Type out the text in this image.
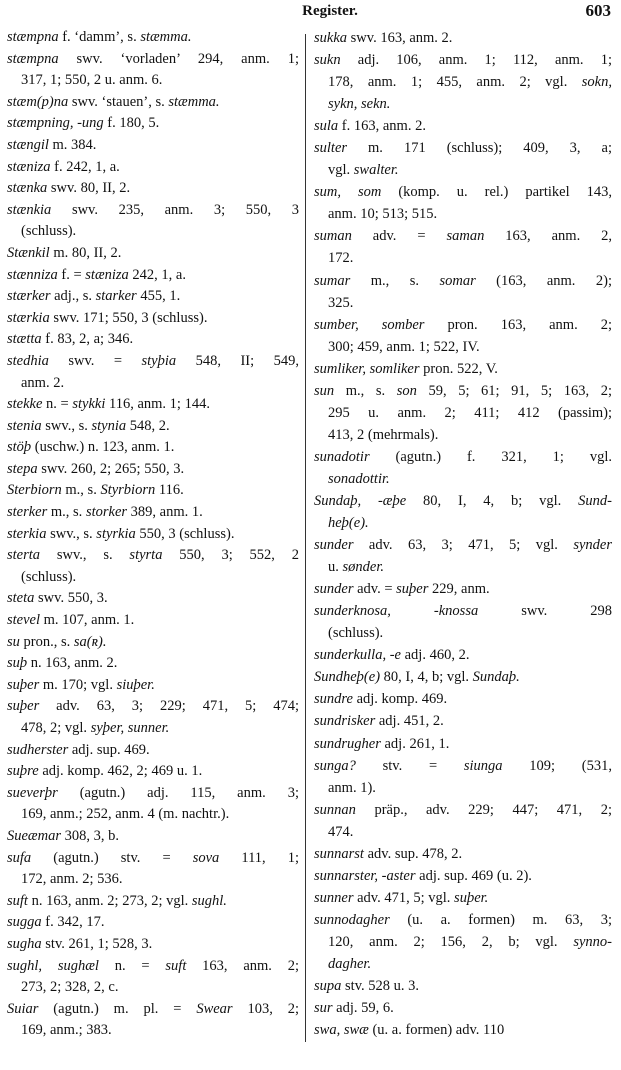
Register.	603
stæmpna f. ‘damm’, s. stæmma.
stæmpna swv. ‘vorladen’ 294, anm. 1;
317, 1; 550, 2 u. anm. 6.
stæm(p)na swv. ‘stauen’, s. stæmma.
stæmpning, -ung f. 180, 5.
stængil m. 384.
stæniza f. 242, 1, a.
stænka swv. 80, II, 2.
stænkia swv. 235, anm. 3; 550, 3
(schluss).
Stænkil m. 80, II, 2.
stænniza f. = stæniza 242, 1, a.
stærker adj., s. starker 455, 1.
stærkia swv. 171; 550, 3 (schluss).
stætta f. 83, 2, a; 346.
stedhia swv. = styþia 548, II; 549,
anm. 2.
stekke n. = stykki 116, anm. 1; 144.
stenia swv., s. stynia 548, 2.
stöþ (uschw.) n. 123, anm. 1.
stepa swv. 260, 2; 265; 550, 3.
Sterbiorn m., s. Styrbiorn 116.
sterker m., s. storker 389, anm. 1.
sterkia swv., s. styrkia 550, 3 (schluss).
sterta swv., s. styrta 550, 3; 552, 2
(schluss).
steta swv. 550, 3.
stevel m. 107, anm. 1.
su pron., s. sa(ʀ).
suþ n. 163, anm. 2.
suþer m. 170; vgl. siuþer.
suþer adv. 63, 3; 229; 471, 5; 474;
478, 2; vgl. syþer, sunner.
sudherster adj. sup. 469.
suþre adj. komp. 462, 2; 469 u. 1.
sueverþr (agutn.) adj. 115, anm. 3;
169, anm.; 252, anm. 4 (m. nachtr.).
Sueæmar 308, 3, b.
sufa (agutn.) stv. = sova 111, 1;
172, anm. 2; 536.
suft n. 163, anm. 2; 273, 2; vgl. sughl.
sugga f. 342, 17.
sugha stv. 261, 1; 528, 3.
sughl, sughæl n. = suft 163, anm. 2;
273, 2; 328, 2, c.
Suiar (agutn.) m. pl. = Swear 103, 2;
169, anm.; 383.
sukka swv. 163, anm. 2.
sukn adj. 106, anm. 1; 112, anm. 1;
178, anm. 1; 455, anm. 2; vgl. sokn,
sykn, sekn.
sula f. 163, anm. 2.
sulter m. 171 (schluss); 409, 3, a;
vgl. swalter.
sum, som (komp. u. rel.) partikel 143,
anm. 10; 513; 515.
suman adv. = saman 163, anm. 2,
172.
sumar m., s. somar (163, anm. 2);
325.
sumber, somber pron. 163, anm. 2;
300; 459, anm. 1; 522, IV.
sumliker, somliker pron. 522, V.
sun m., s. son 59, 5; 61; 91, 5; 163, 2;
295 u. anm. 2; 411; 412 (passim);
413, 2 (mehrmals).
sunadotir (agutn.) f. 321, 1; vgl.
sonadottir.
Sundaþ, -æþe 80, I, 4, b; vgl. Sund-
heþ(e).
sunder adv. 63, 3; 471, 5; vgl. synder
u. sønder.
sunder adv. = suþer 229, anm.
sunderknosa, -knossa swv. 298
(schluss).
sunderkulla, -e adj. 460, 2.
Sundheþ(e) 80, I, 4, b; vgl. Sundaþ.
sundre adj. komp. 469.
sundrisker adj. 451, 2.
sundrugher adj. 261, 1.
sunga? stv. = siunga 109; (531,
anm. 1).
sunnan präp., adv. 229; 447; 471, 2;
474.
sunnarst adv. sup. 478, 2.
sunnarster, -aster adj. sup. 469 (u. 2).
sunner adv. 471, 5; vgl. suþer.
sunnodagher (u. a. formen) m. 63, 3;
120, anm. 2; 156, 2, b; vgl. synno-
dagher.
supa stv. 528 u. 3.
sur adj. 59, 6.
swa, swæ (u. a. formen) adv. 110
